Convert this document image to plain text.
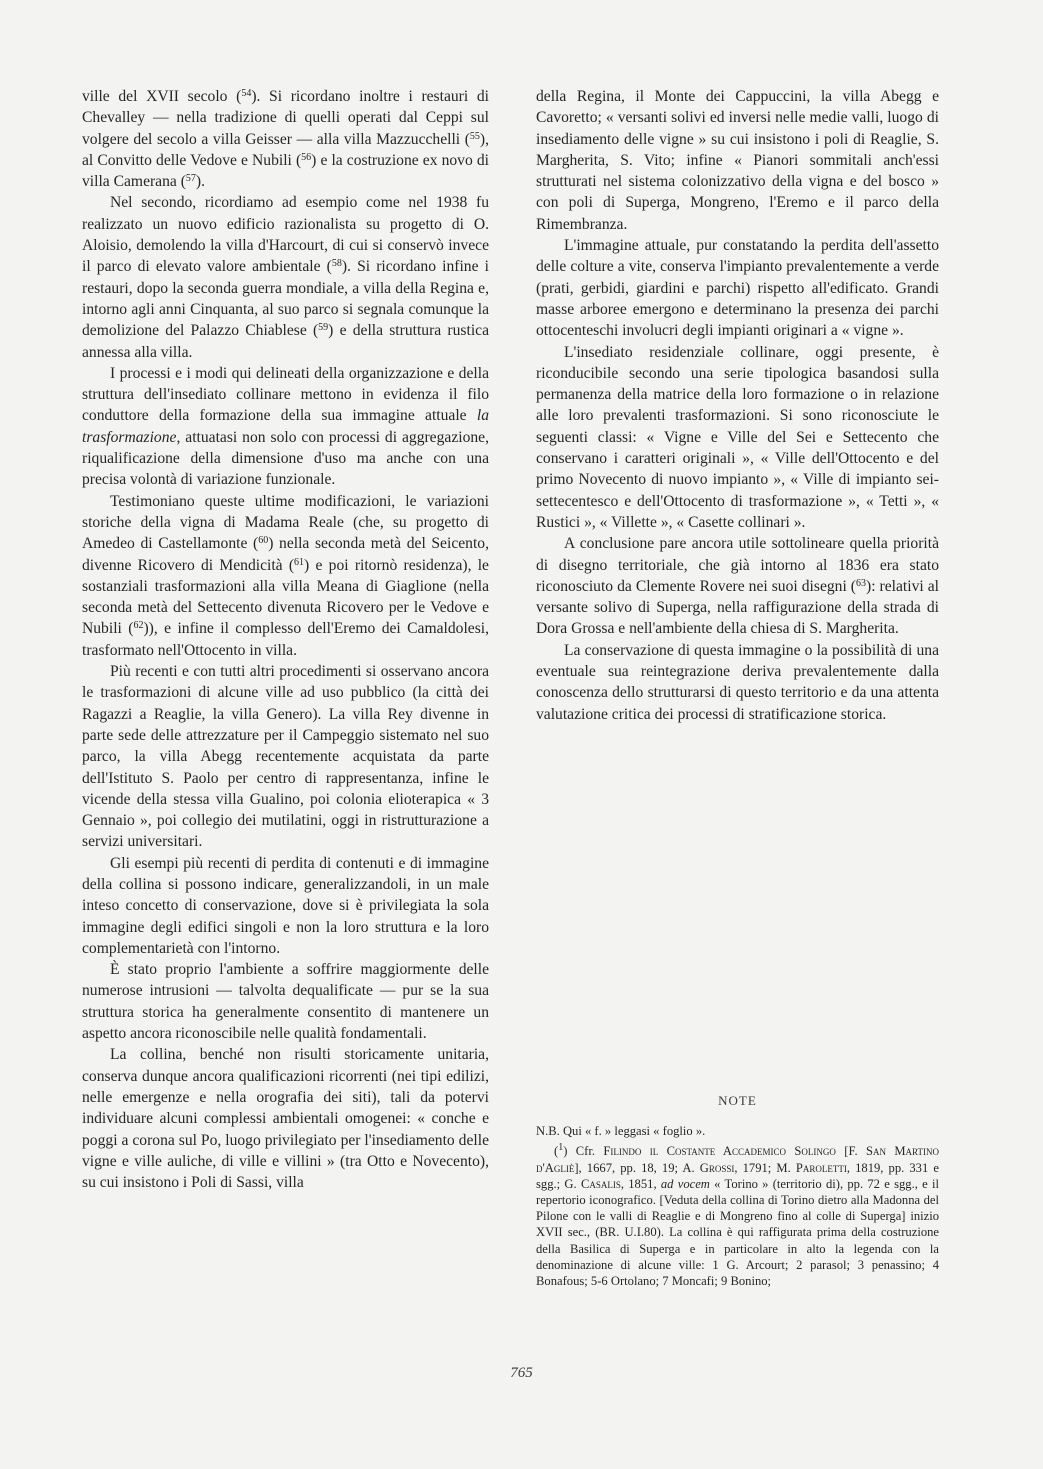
ville del XVII secolo ($^{54}$). Si ricordano inoltre i restauri di Chevalley — nella tradizione di quelli operati dal Ceppi sul volgere del secolo a villa Geisser — alla villa Mazzucchelli ($^{55}$), al Convitto delle Vedove e Nubili ($^{56}$) e la costruzione ex novo di villa Camerana ($^{57}$).

Nel secondo, ricordiamo ad esempio come nel 1938 fu realizzato un nuovo edificio razionalista su progetto di O. Aloisio, demolendo la villa d'Harcourt, di cui si conservò invece il parco di elevato valore ambientale ($^{58}$). Si ricordano infine i restauri, dopo la seconda guerra mondiale, a villa della Regina e, intorno agli anni Cinquanta, al suo parco si segnala comunque la demolizione del Palazzo Chiablese ($^{59}$) e della struttura rustica annessa alla villa.

I processi e i modi qui delineati della organizzazione e della struttura dell'insediato collinare mettono in evidenza il filo conduttore della formazione della sua immagine attuale la trasformazione, attuatasi non solo con processi di aggregazione, riqualificazione della dimensione d'uso ma anche con una precisa volontà di variazione funzionale.

Testimoniano queste ultime modificazioni, le variazioni storiche della vigna di Madama Reale (che, su progetto di Amedeo di Castellamonte ($^{60}$) nella seconda metà del Seicento, divenne Ricovero di Mendicità ($^{61}$) e poi ritornò residenza), le sostanziali trasformazioni alla villa Meana di Giaglione (nella seconda metà del Settecento divenuta Ricovero per le Vedove e Nubili ($^{62}$)), e infine il complesso dell'Eremo dei Camaldolesi, trasformato nell'Ottocento in villa.

Più recenti e con tutti altri procedimenti si osservano ancora le trasformazioni di alcune ville ad uso pubblico (la città dei Ragazzi a Reaglie, la villa Genero). La villa Rey divenne in parte sede delle attrezzature per il Campeggio sistemato nel suo parco, la villa Abegg recentemente acquistata da parte dell'Istituto S. Paolo per centro di rappresentanza, infine le vicende della stessa villa Gualino, poi colonia elioterapica « 3 Gennaio », poi collegio dei mutilatini, oggi in ristrutturazione a servizi universitari.

Gli esempi più recenti di perdita di contenuti e di immagine della collina si possono indicare, generalizzandoli, in un male inteso concetto di conservazione, dove si è privilegiata la sola immagine degli edifici singoli e non la loro struttura e la loro complementarietà con l'intorno.

È stato proprio l'ambiente a soffrire maggiormente delle numerose intrusioni — talvolta dequalificate — pur se la sua struttura storica ha generalmente consentito di mantenere un aspetto ancora riconoscibile nelle qualità fondamentali.

La collina, benché non risulti storicamente unitaria, conserva dunque ancora qualificazioni ricorrenti (nei tipi edilizi, nelle emergenze e nella orografia dei siti), tali da potervi individuare alcuni complessi ambientali omogenei: « conche e poggi a corona sul Po, luogo privilegiato per l'insediamento delle vigne e ville auliche, di ville e villini » (tra Otto e Novecento), su cui insistono i Poli di Sassi, villa

della Regina, il Monte dei Cappuccini, la villa Abegg e Cavoretto; « versanti solivi ed inversi nelle medie valli, luogo di insediamento delle vigne » su cui insistono i poli di Reaglie, S. Margherita, S. Vito; infine « Pianori sommitali anch'essi strutturati nel sistema colonizzativo della vigna e del bosco » con poli di Superga, Mongreno, l'Eremo e il parco della Rimembranza.

L'immagine attuale, pur constatando la perdita dell'assetto delle colture a vite, conserva l'impianto prevalentemente a verde (prati, gerbidi, giardini e parchi) rispetto all'edificato. Grandi masse arboree emergono e determinano la presenza dei parchi ottocenteschi involucri degli impianti originari a « vigne ».

L'insediato residenziale collinare, oggi presente, è riconducibile secondo una serie tipologica basandosi sulla permanenza della matrice della loro formazione o in relazione alle loro prevalenti trasformazioni. Si sono riconosciute le seguenti classi: « Vigne e Ville del Sei e Settecento che conservano i caratteri originali », « Ville dell'Ottocento e del primo Novecento di nuovo impianto », « Ville di impianto sei-settecentesco e dell'Ottocento di trasformazione », « Tetti », « Rustici », « Villette », « Casette collinari ».

A conclusione pare ancora utile sottolineare quella priorità di disegno territoriale, che già intorno al 1836 era stato riconosciuto da Clemente Rovere nei suoi disegni ($^{63}$): relativi al versante solivo di Superga, nella raffigurazione della strada di Dora Grossa e nell'ambiente della chiesa di S. Margherita.

La conservazione di questa immagine o la possibilità di una eventuale sua reintegrazione deriva prevalentemente dalla conoscenza dello strutturarsi di questo territorio e da una attenta valutazione critica dei processi di stratificazione storica.

NOTE

N.B. Qui « f. » leggasi « foglio ».

($^1$) Cfr. Filindo il Costante Accademico Solingo [F. San Martino d'Agliè], 1667, pp. 18, 19; A. Grossi, 1791; M. Paroletti, 1819, pp. 331 e sgg.; G. Casalis, 1851, ad vocem « Torino » (territorio di), pp. 72 e sgg., e il repertorio iconografico. [Veduta della collina di Torino dietro alla Madonna del Pilone con le valli di Reaglie e di Mongreno fino al colle di Superga] inizio XVII sec., (BR. U.I.80). La collina è qui raffigurata prima della costruzione della Basilica di Superga e in particolare in alto la legenda con la denominazione di alcune ville: 1 G. Arcourt; 2 parasol; 3 penassino; 4 Bonafous; 5-6 Ortolano; 7 Moncafi; 9 Bonino;

765
